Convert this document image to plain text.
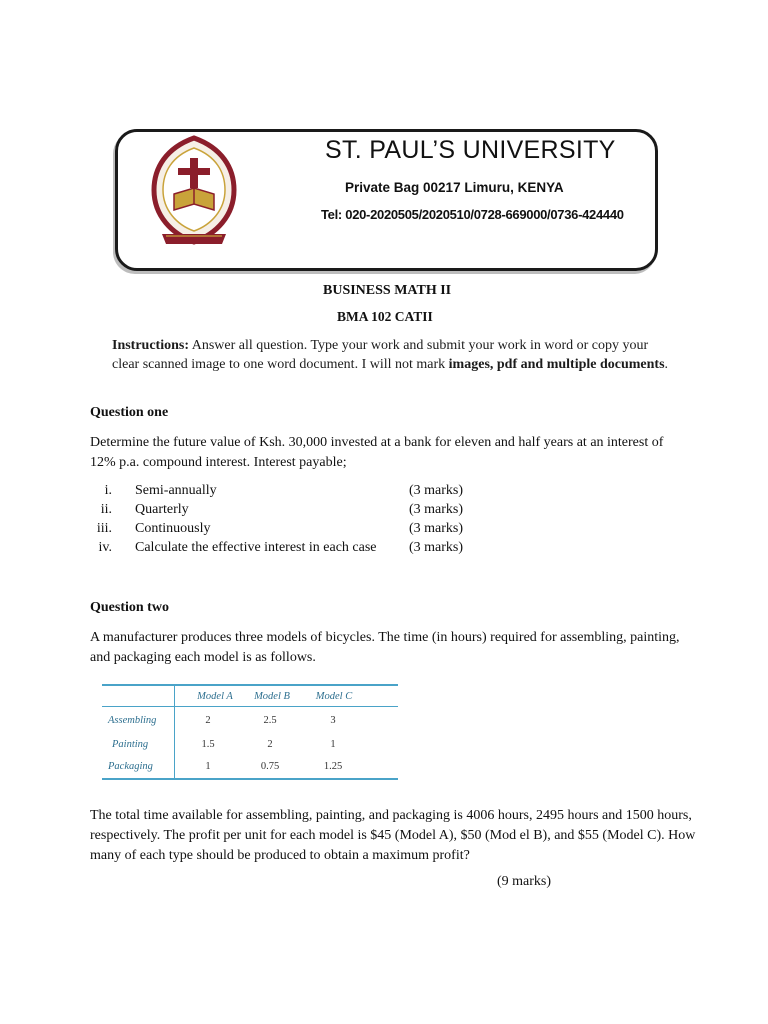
ST. PAUL’S UNIVERSITY
Private Bag 00217 Limuru, KENYA
Tel: 020-2020505/2020510/0728-669000/0736-424440
BUSINESS MATH II
BMA 102 CATII
Instructions: Answer all question. Type your work and submit your work in word or copy your clear scanned image to one word document. I will not mark images, pdf and multiple documents.
Question one
Determine the future value of Ksh. 30,000 invested at a bank for eleven and half years at an interest of 12% p.a. compound interest. Interest payable;
i. Semi-annually	(3 marks)
ii. Quarterly	(3 marks)
iii. Continuously	(3 marks)
iv. Calculate the effective interest in each case (3 marks)
Question two
A manufacturer produces three models of bicycles. The time (in hours) required for assembling, painting, and packaging each model is as follows.
Model A Model B Model C
Assembling	2	2.5	3
Painting	1.5	2	1
Packaging	1	0.75	1.25
The total time available for assembling, painting, and packaging is 4006 hours, 2495 hours and 1500 hours, respectively. The profit per unit for each model is $45 (Model A), $50 (Mod el B), and $55 (Model C). How many of each type should be produced to obtain a maximum profit?
(9 marks)
